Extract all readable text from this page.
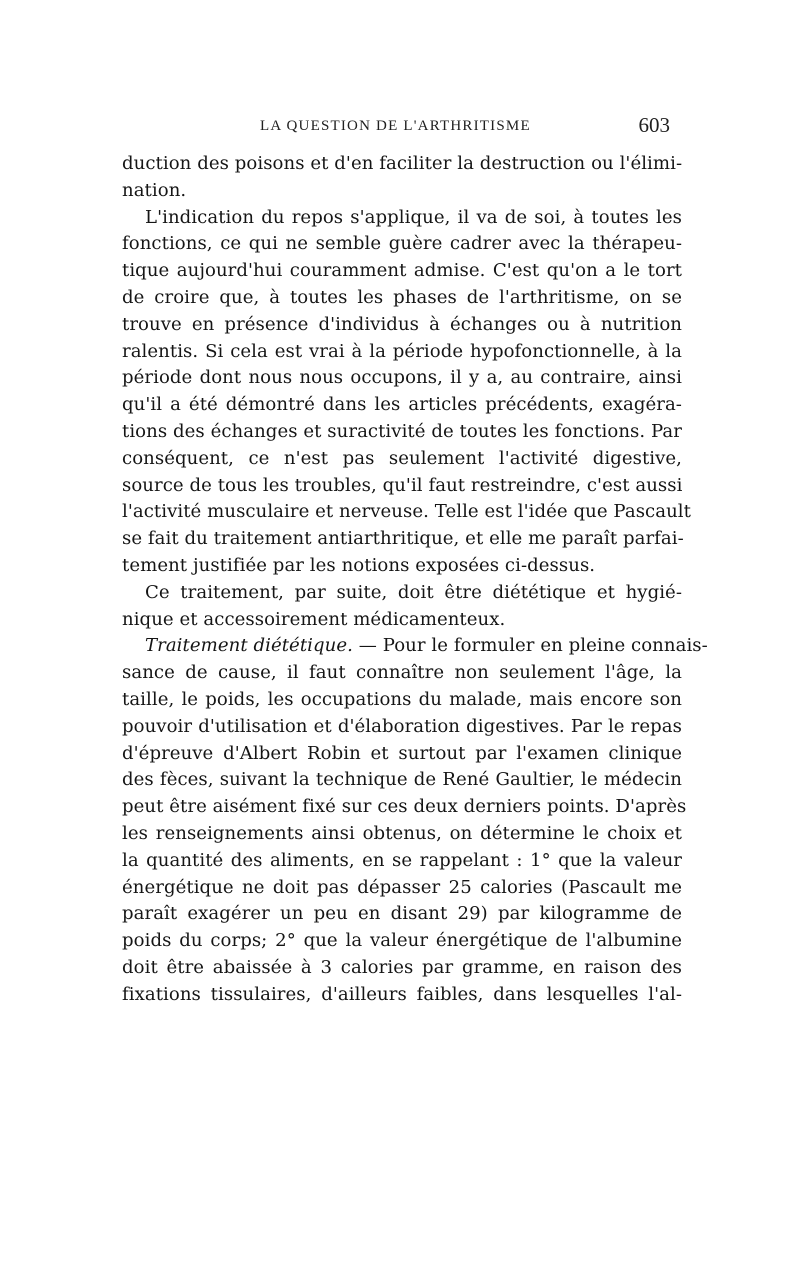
LA QUESTION DE L'ARTHRITISME	603
duction des poisons et d'en faciliter la destruction ou l'élimi-
nation.
L'indication du repos s'applique, il va de soi, à toutes les
fonctions, ce qui ne semble guère cadrer avec la thérapeu-
tique aujourd'hui couramment admise. C'est qu'on a le tort
de croire que, à toutes les phases de l'arthritisme, on se
trouve en présence d'individus à échanges ou à nutrition
ralentis. Si cela est vrai à la période hypofonctionnelle, à la
période dont nous nous occupons, il y a, au contraire, ainsi
qu'il a été démontré dans les articles précédents, exagéra-
tions des échanges et suractivité de toutes les fonctions. Par
conséquent, ce n'est pas seulement l'activité digestive,
source de tous les troubles, qu'il faut restreindre, c'est aussi
l'activité musculaire et nerveuse. Telle est l'idée que Pascault
se fait du traitement antiarthritique, et elle me paraît parfai-
tement justifiée par les notions exposées ci-dessus.
Ce traitement, par suite, doit être diététique et hygié-
nique et accessoirement médicamenteux.
Traitement diététique. — Pour le formuler en pleine connais-
sance de cause, il faut connaître non seulement l'âge, la
taille, le poids, les occupations du malade, mais encore son
pouvoir d'utilisation et d'élaboration digestives. Par le repas
d'épreuve d'Albert Robin et surtout par l'examen clinique
des fèces, suivant la technique de René Gaultier, le médecin
peut être aisément fixé sur ces deux derniers points. D'après
les renseignements ainsi obtenus, on détermine le choix et
la quantité des aliments, en se rappelant : 1° que la valeur
énergétique ne doit pas dépasser 25 calories (Pascault me
paraît exagérer un peu en disant 29) par kilogramme de
poids du corps; 2° que la valeur énergétique de l'albumine
doit être abaissée à 3 calories par gramme, en raison des
fixations tissulaires, d'ailleurs faibles, dans lesquelles l'al-
